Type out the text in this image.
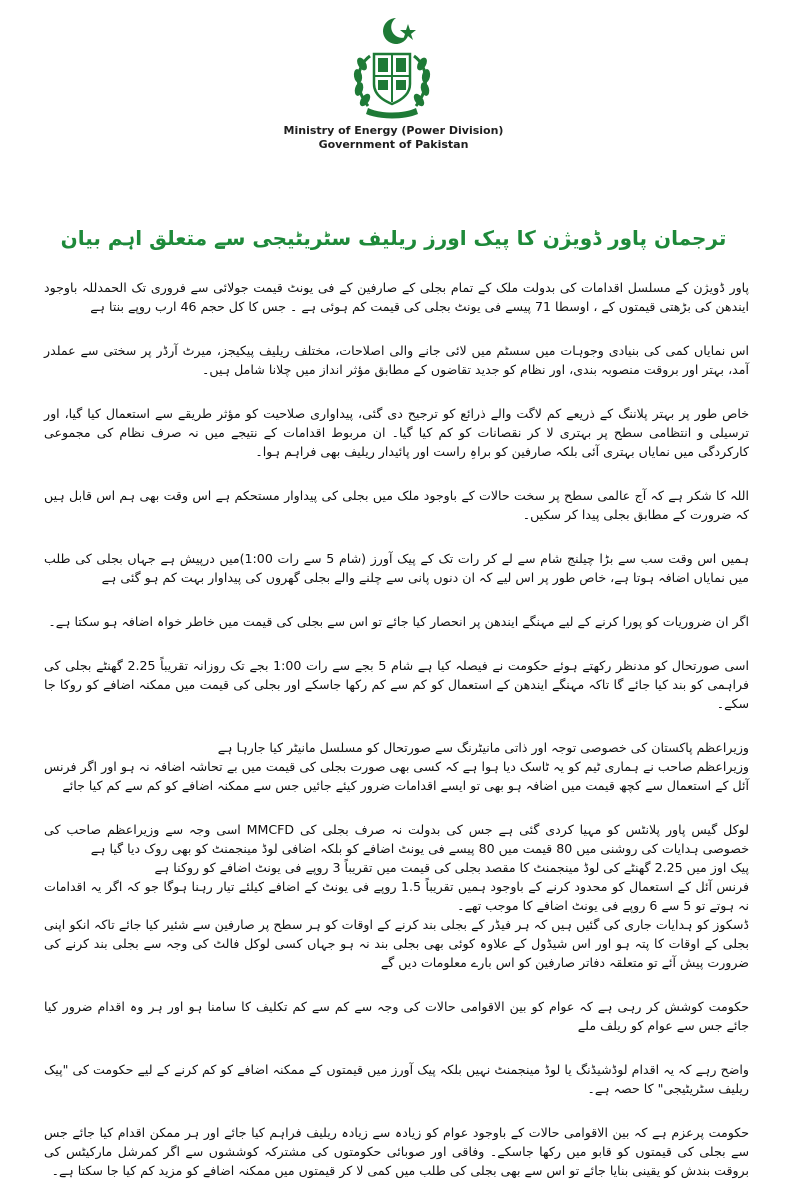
Ministry of Energy (Power Division)
Government of Pakistan
ترجمان پاور ڈویژن کا پیک اورز ریلیف سٹریٹیجی سے متعلق اہم بیان

پاور ڈویژن کے مسلسل اقدامات کی بدولت ملک کے تمام بجلی کے صارفین کے فی یونٹ قیمت جولائی سے فروری تک الحمدللہ باوجود ایندھن کی بڑھتی قیمتوں کے ، اوسطا 71 پیسے فی یونٹ بجلی کی قیمت کم ہوئی ہے ۔ جس کا کل حجم 46 ارب روپے بنتا ہے

اس نمایاں کمی کی بنیادی وجوہات میں سسٹم میں لائی جانے والی اصلاحات، مختلف ریلیف پیکیجز، میرٹ آرڈر پر سختی سے عملدر آمد، بہتر اور بروقت منصوبہ بندی، اور نظام کو جدید تقاضوں کے مطابق مؤثر انداز میں چلانا شامل ہیں۔

خاص طور پر بہتر پلاننگ کے ذریعے کم لاگت والے ذرائع کو ترجیح دی گئی، پیداواری صلاحیت کو مؤثر طریقے سے استعمال کیا گیا، اور ترسیلی و انتظامی سطح پر بہتری لا کر نقصانات کو کم کیا گیا۔ ان مربوط اقدامات کے نتیجے میں نہ صرف نظام کی مجموعی کارکردگی میں نمایاں بہتری آئی بلکہ صارفین کو براہِ راست اور پائیدار ریلیف بھی فراہم ہوا۔

اللہ کا شکر ہے کہ آج عالمی سطح پر سخت حالات کے باوجود ملک میں بجلی کی پیداوار مستحکم ہے اس وقت بھی ہم اس قابل ہیں کہ ضرورت کے مطابق بجلی پیدا کر سکیں۔

ہمیں اس وقت سب سے بڑا چیلنج شام سے لے کر رات تک کے پیک آورز (شام 5 سے رات 1:00)میں درپیش ہے جہاں بجلی کی طلب میں نمایاں اضافہ ہوتا ہے، خاص طور پر اس لیے کہ ان دنوں پانی سے چلنے والے بجلی گھروں کی پیداوار بہت کم ہو گئی ہے

اگر ان ضروریات کو پورا کرنے کے لیے مہنگے ایندھن پر انحصار کیا جائے تو اس سے بجلی کی قیمت میں خاطر خواہ اضافہ ہو سکتا ہے۔

اسی صورتحال کو مدنظر رکھتے ہوئے حکومت نے فیصلہ کیا ہے شام 5 بجے سے رات 1:00 بجے تک روزانہ تقریباً 2.25 گھنٹے بجلی کی فراہمی کو بند کیا جائے گا تاکہ مہنگے ایندھن کے استعمال کو کم سے کم رکھا جاسکے اور بجلی کی قیمت میں ممکنہ اضافے کو روکا جا سکے۔

وزیراعظم پاکستان کی خصوصی توجہ اور ذاتی مانیٹرنگ سے صورتحال کو مسلسل مانیٹر کیا جارہا ہے

وزیراعظم صاحب نے ہماری ٹیم کو یہ ٹاسک دیا ہوا ہے کہ کسی بھی صورت بجلی کی قیمت میں بے تحاشہ اضافہ نہ ہو اور اگر فرنس آئل کے استعمال سے کچھ قیمت میں اضافہ ہو بھی تو ایسے اقدامات ضرور کیئے جائیں جس سے ممکنہ اضافے کو کم سے کم کیا جائے

لوکل گیس پاور پلانٹس کو مہیا کردی گئی ہے جس کی بدولت نہ صرف بجلی کی MMCFD اسی وجہ سے وزیراعظم صاحب کی خصوصی ہدایات کی روشنی میں 80 قیمت میں 80 پیسے فی یونٹ اضافے کو بلکہ اضافی لوڈ مینجمنٹ کو بھی روک دیا گیا ہے

پیک اوز میں 2.25 گھنٹے کی لوڈ مینجمنٹ کا مقصد بجلی کی قیمت میں تقریباً 3 روپے فی یونٹ اضافے کو روکنا ہے

فرنس آئل کے استعمال کو محدود کرنے کے باوجود ہمیں تقریباً 1.5 روپے فی یونٹ کے اضافے کیلئے تیار رہنا ہوگا جو کہ اگر یہ اقدامات نہ ہوتے تو 5 سے 6 روپے فی یونٹ اضافے کا موجب تھے۔

ڈسکوز کو ہدایات جاری کی گئیں ہیں کہ ہر فیڈر کے بجلی بند کرنے کے اوقات کو ہر سطح پر صارفین سے شئیر کیا جائے تاکہ انکو اپنی بجلی کے اوقات کا پتہ ہو اور اس شیڈول کے علاوہ کوئی بھی بجلی بند نہ ہو جہاں کسی لوکل فالٹ کی وجہ سے بجلی بند کرنے کی ضرورت پیش آئے تو متعلقہ دفاتر صارفین کو اس بارے معلومات دیں گے

حکومت کوشش کر رہی ہے کہ عوام کو بین الاقوامی حالات کی وجہ سے کم سے کم تکلیف کا سامنا ہو اور ہر وہ اقدام ضرور کیا جائے جس سے عوام کو ریلف ملے

واضح رہے کہ یہ اقدام لوڈشیڈنگ یا لوڈ مینجمنٹ نہیں بلکہ پیک آورز میں قیمتوں کے ممکنہ اضافے کو کم کرنے کے لیے حکومت کی "پیک ریلیف سٹریٹیجی" کا حصہ ہے۔

حکومت پرعزم ہے کہ بین الاقوامی حالات کے باوجود عوام کو زیادہ سے زیادہ ریلیف فراہم کیا جائے اور ہر ممکن اقدام کیا جائے جس سے بجلی کی قیمتوں کو قابو میں رکھا جاسکے۔ وفاقی اور صوبائی حکومتوں کی مشترکہ کوششوں سے اگر کمرشل مارکیٹس کی بروقت بندش کو یقینی بنایا جائے تو اس سے بھی بجلی کی طلب میں کمی لا کر قیمتوں میں ممکنہ اضافے کو مزید کم کیا جا سکتا ہے۔
